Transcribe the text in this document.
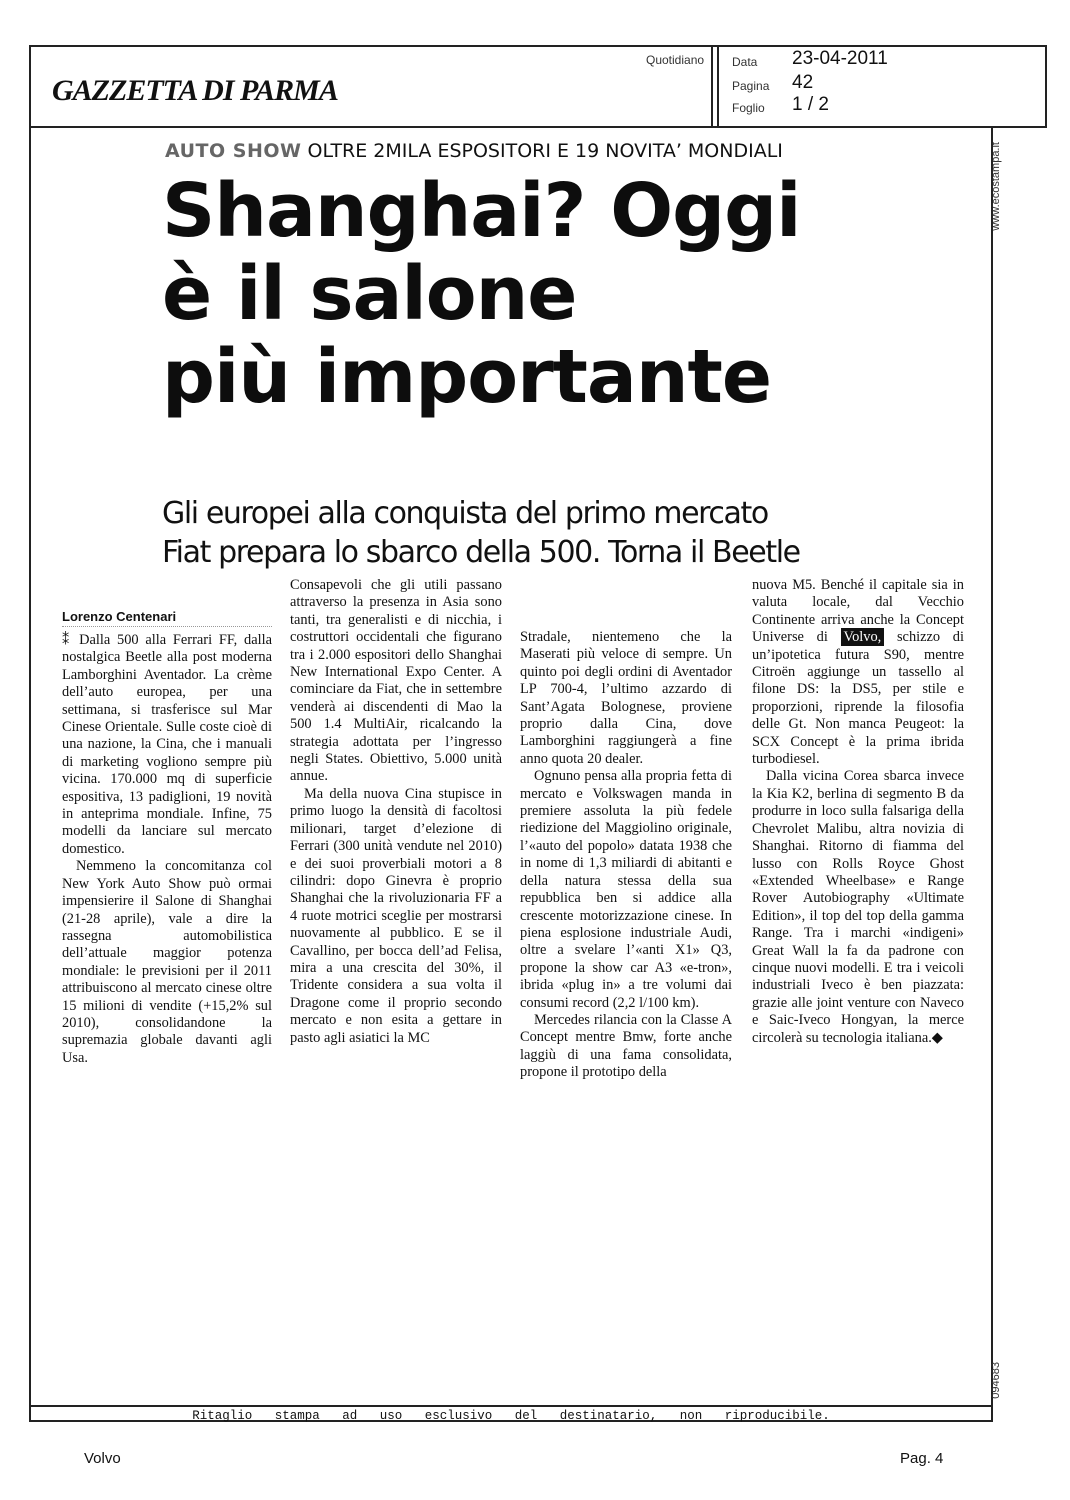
GAZZETTA DI PARMA
Quotidiano Data 23-04-2011
Pagina 42
Foglio 1 / 2
www.ecostampa.it
094683
AUTO SHOW OLTRE 2MILA ESPOSITORI E 19 NOVITA’ MONDIALI
Shanghai? Oggi
è il salone
più importante
Gli europei alla conquista del primo mercato
Fiat prepara lo sbarco della 500. Torna il Beetle
Lorenzo Centenari

⁑ Dalla 500 alla Ferrari FF, dalla nostalgica Beetle alla post moderna Lamborghini Aventador. La crème dell’auto europea, per una settimana, si trasferisce sul Mar Cinese Orientale. Sulle coste cioè di una nazione, la Cina, che i manuali di marketing vogliono sempre più vicina. 170.000 mq di superficie espositiva, 13 padiglioni, 19 novità in anteprima mondiale. Infine, 75 modelli da lanciare sul mercato domestico.

Nemmeno la concomitanza col New York Auto Show può ormai impensierire il Salone di Shanghai (21-28 aprile), vale a dire la rassegna automobilistica dell’attuale maggior potenza mondiale: le previsioni per il 2011 attribuiscono al mercato cinese oltre 15 milioni di vendite (+15,2% sul 2010), consolidandone la supremazia globale davanti agli Usa.

Consapevoli che gli utili passano attraverso la presenza in Asia sono tanti, tra generalisti e di nicchia, i costruttori occidentali che figurano tra i 2.000 espositori dello Shanghai New International Expo Center. A cominciare da Fiat, che in settembre venderà ai discendenti di Mao la 500 1.4 MultiAir, ricalcando la strategia adottata per l’ingresso negli States. Obiettivo, 5.000 unità annue.

Ma della nuova Cina stupisce in primo luogo la densità di facoltosi milionari, target d’elezione di Ferrari (300 unità vendute nel 2010) e dei suoi proverbiali motori a 8 cilindri: dopo Ginevra è proprio Shanghai che la rivoluzionaria FF a 4 ruote motrici sceglie per mostrarsi nuovamente al pubblico. E se il Cavallino, per bocca dell’ad Felisa, mira a una crescita del 30%, il Tridente considera a sua volta il Dragone come il proprio secondo mercato e non esita a gettare in pasto agli asiatici la MC

Stradale, nientemeno che la Maserati più veloce di sempre. Un quinto poi degli ordini di Aventador LP 700-4, l’ultimo azzardo di Sant’Agata Bolognese, proviene proprio dalla Cina, dove Lamborghini raggiungerà a fine anno quota 20 dealer.

Ognuno pensa alla propria fetta di mercato e Volkswagen manda in premiere assoluta la più fedele riedizione del Maggiolino originale, l’«auto del popolo» datata 1938 che in nome di 1,3 miliardi di abitanti e della natura stessa della sua repubblica ben si addice alla crescente motorizzazione cinese. In piena esplosione industriale Audi, oltre a svelare l’«anti X1» Q3, propone la show car A3 «e-tron», ibrida «plug in» a tre volumi dai consumi record (2,2 l/100 km).

Mercedes rilancia con la Classe A Concept mentre Bmw, forte anche laggiù di una fama consolidata, propone il prototipo della

nuova M5. Benché il capitale sia in valuta locale, dal Vecchio Continente arriva anche la Concept Universe di Volvo, schizzo di un’ipotetica futura S90, mentre Citroën aggiunge un tassello al filone DS: la DS5, per stile e proporzioni, riprende la filosofia delle Gt. Non manca Peugeot: la SCX Concept è la prima ibrida turbodiesel.

Dalla vicina Corea sbarca invece la Kia K2, berlina di segmento B da produrre in loco sulla falsariga della Chevrolet Malibu, altra novizia di Shanghai. Ritorno di fiamma del lusso con Rolls Royce Ghost «Extended Wheelbase» e Range Rover Autobiography «Ultimate Edition», il top del top della gamma Range. Tra i marchi «indigeni» Great Wall la fa da padrone con cinque nuovi modelli. E tra i veicoli industriali Iveco è ben piazzata: grazie alle joint venture con Naveco e Saic-Iveco Hongyan, la merce circolerà su tecnologia italiana.◆

Ritaglio stampa ad uso esclusivo del destinatario, non riproducibile.
Volvo	Pag. 4
